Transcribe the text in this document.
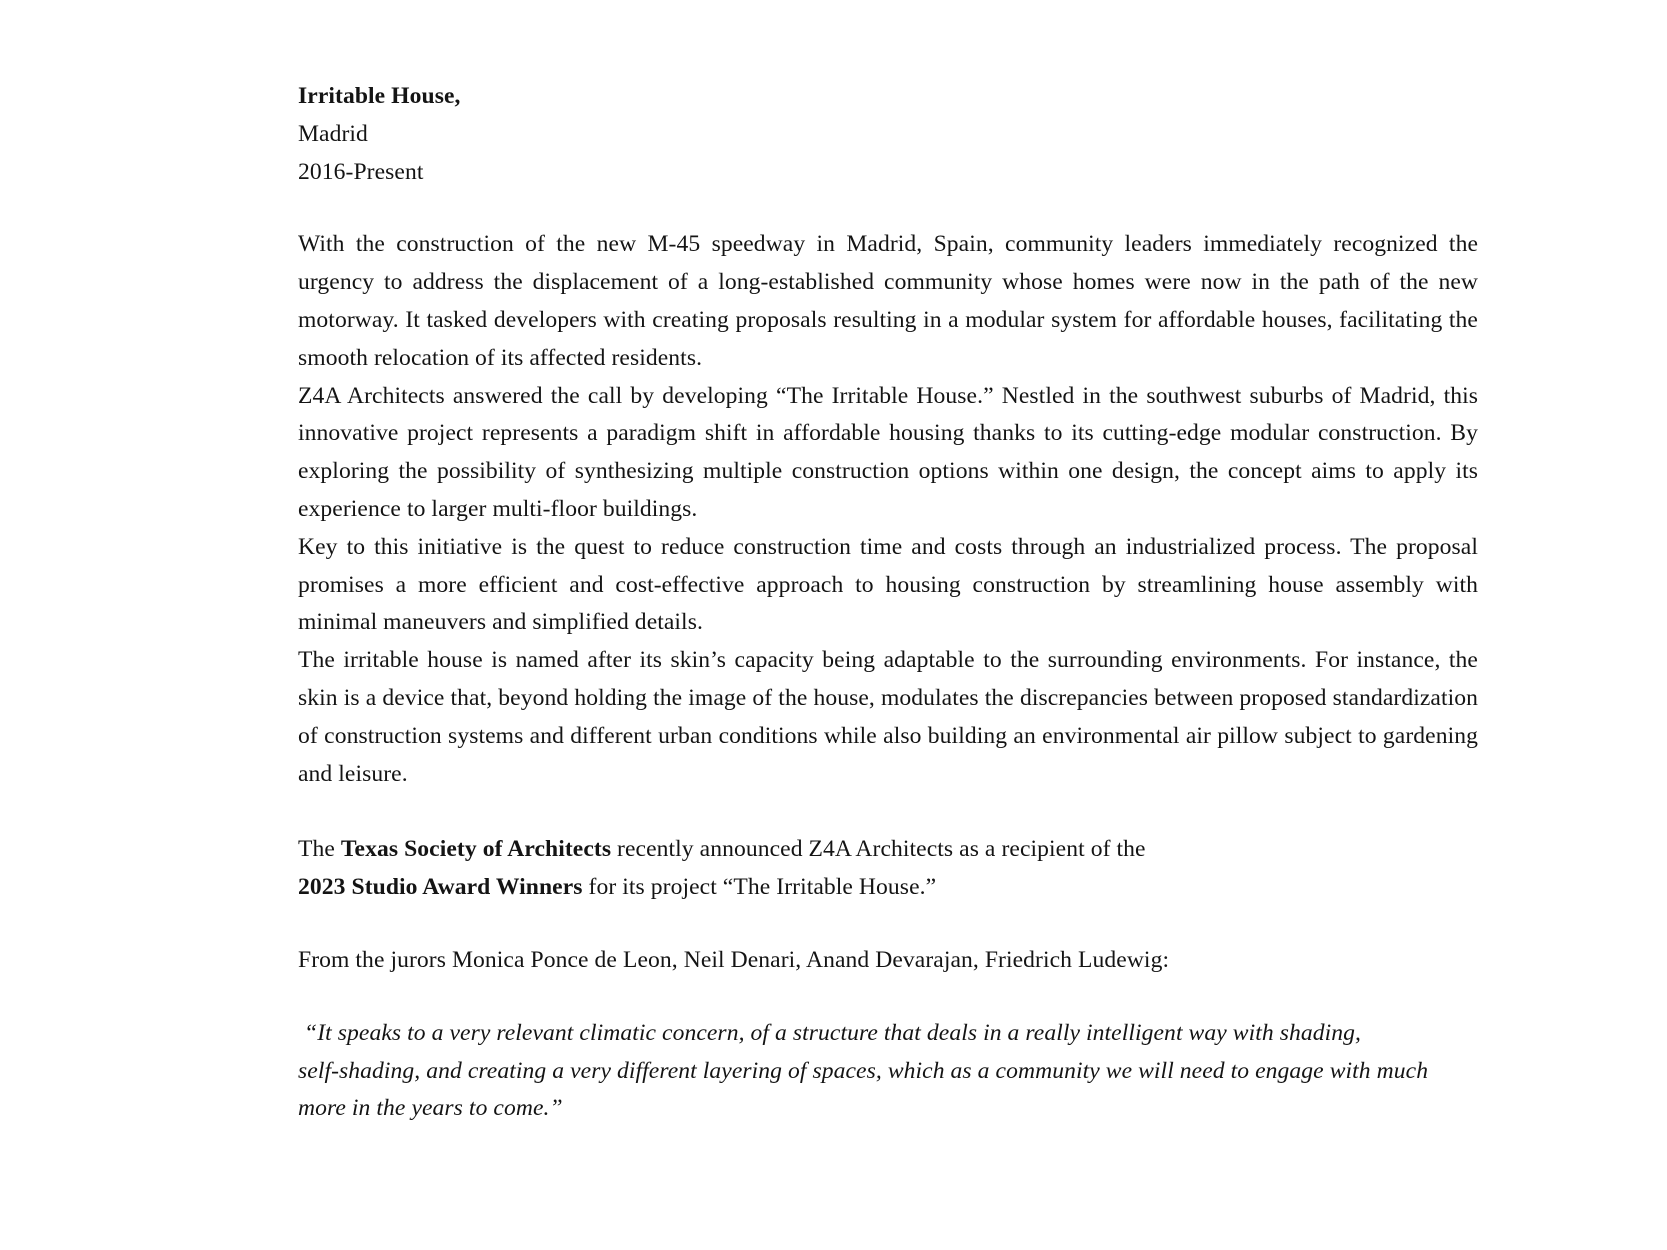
Irritable House,
Madrid
2016-Present

With the construction of the new M-45 speedway in Madrid, Spain, community leaders immediately recognized the urgency to address the displacement of a long-established community whose homes were now in the path of the new motorway. It tasked developers with creating proposals resulting in a modular system for affordable houses, facilitating the smooth relocation of its affected residents.

Z4A Architects answered the call by developing “The Irritable House.” Nestled in the southwest suburbs of Madrid, this innovative project represents a paradigm shift in affordable housing thanks to its cutting-edge modular construction. By exploring the possibility of synthesizing multiple construction options within one design, the concept aims to apply its experience to larger multi-floor buildings.

Key to this initiative is the quest to reduce construction time and costs through an industrialized process. The proposal promises a more efficient and cost-effective approach to housing construction by streamlining house assembly with minimal maneuvers and simplified details.

The irritable house is named after its skin’s capacity being adaptable to the surrounding environments. For instance, the skin is a device that, beyond holding the image of the house, modulates the discrepancies between proposed standardization of construction systems and different urban conditions while also building an environmental air pillow subject to gardening and leisure.

The Texas Society of Architects recently announced Z4A Architects as a recipient of the
2023 Studio Award Winners for its project “The Irritable House.”

From the jurors Monica Ponce de Leon, Neil Denari, Anand Devarajan, Friedrich Ludewig:

“It speaks to a very relevant climatic concern, of a structure that deals in a really intelligent way with shading,
self-shading, and creating a very different layering of spaces, which as a community we will need to engage with much
more in the years to come.”
